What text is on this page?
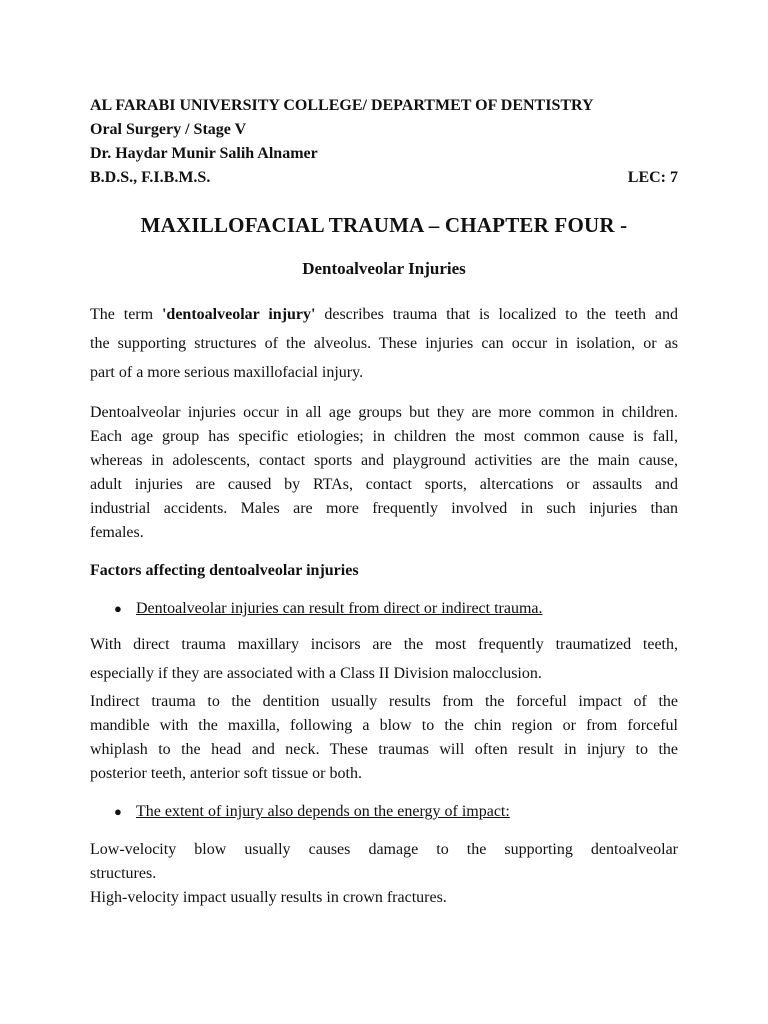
AL FARABI UNIVERSITY COLLEGE/ DEPARTMET OF DENTISTRY
Oral Surgery / Stage V
Dr. Haydar Munir Salih Alnamer
B.D.S., F.I.B.M.S.	LEC: 7
MAXILLOFACIAL TRAUMA – CHAPTER FOUR -
Dentoalveolar Injuries

The term 'dentoalveolar injury' describes trauma that is localized to the teeth and
the supporting structures of the alveolus. These injuries can occur in isolation, or as
part of a more serious maxillofacial injury.

Dentoalveolar injuries occur in all age groups but they are more common in children.
Each age group has specific etiologies; in children the most common cause is fall,
whereas in adolescents, contact sports and playground activities are the main cause,
adult injuries are caused by RTAs, contact sports, altercations or assaults and
industrial accidents. Males are more frequently involved in such injuries than
females.

Factors affecting dentoalveolar injuries
● Dentoalveolar injuries can result from direct or indirect trauma.

With direct trauma maxillary incisors are the most frequently traumatized teeth,
especially if they are associated with a Class II Division malocclusion.

Indirect trauma to the dentition usually results from the forceful impact of the
mandible with the maxilla, following a blow to the chin region or from forceful
whiplash to the head and neck. These traumas will often result in injury to the
posterior teeth, anterior soft tissue or both.

● The extent of injury also depends on the energy of impact:

Low-velocity blow usually causes damage to the supporting dentoalveolar
structures.
High-velocity impact usually results in crown fractures.
